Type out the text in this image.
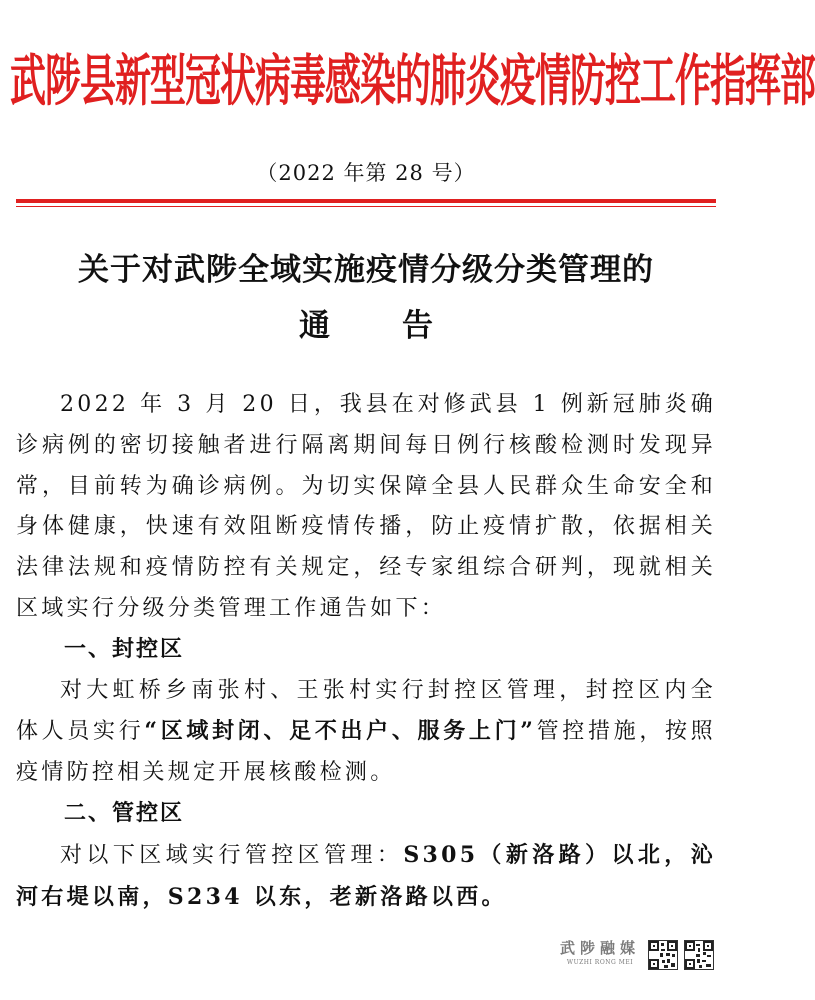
武陟县新型冠状病毒感染的肺炎疫情防控工作指挥部
（2022 年第 28 号）
关于对武陟全域实施疫情分级分类管理的
通告

2022 年 3 月 20 日，我县在对修武县 1 例新冠肺炎确诊病例的密切接触者进行隔离期间每日例行核酸检测时发现异常，目前转为确诊病例。为切实保障全县人民群众生命安全和身体健康，快速有效阻断疫情传播，防止疫情扩散，依据相关法律法规和疫情防控有关规定，经专家组综合研判，现就相关区域实行分级分类管理工作通告如下：

一、封控区

对大虹桥乡南张村、王张村实行封控区管理，封控区内全体人员实行“区域封闭、足不出户、服务上门”管控措施，按照疫情防控相关规定开展核酸检测。

二、管控区

对以下区域实行管控区管理：S305（新洛路）以北，沁河右堤以南，S234 以东，老新洛路以西。

武陟融媒
WUZHI RONG MEI
